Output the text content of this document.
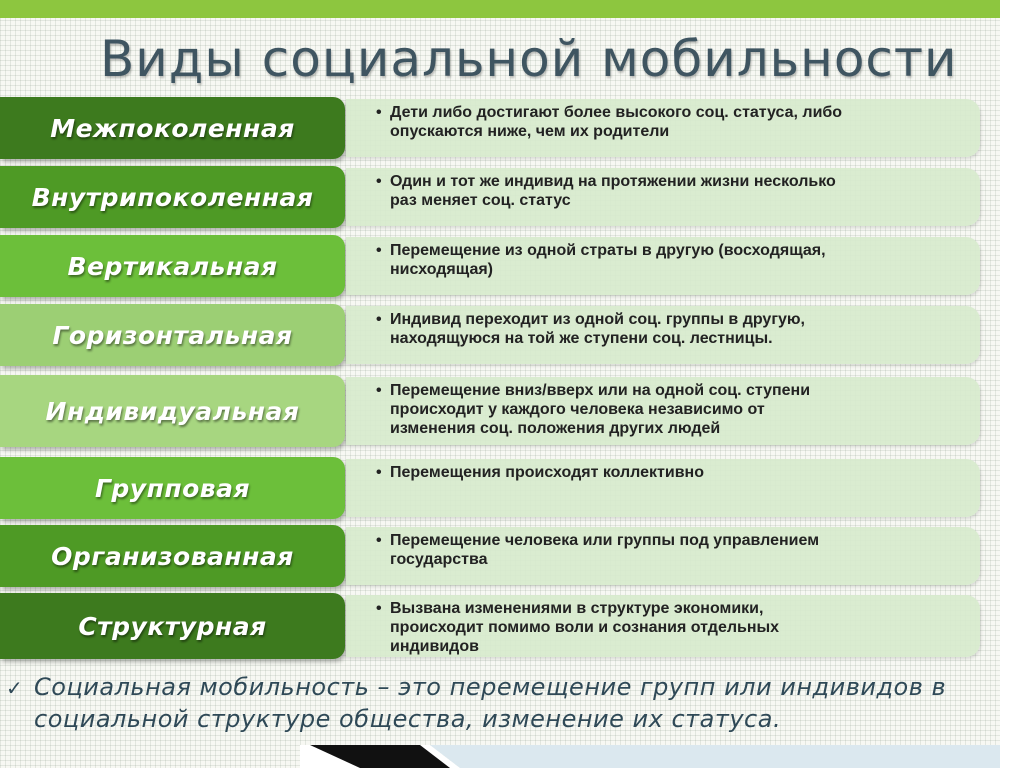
Виды социальной мобильности
Межпоколенная
• Дети либо достигают более высокого соц. статуса, либо
опускаются ниже, чем их родители
Внутрипоколенная
• Один и тот же индивид на протяжении жизни несколько
раз меняет соц. статус
Вертикальная
• Перемещение из одной страты в другую (восходящая,
нисходящая)
Горизонтальная
• Индивид переходит из одной соц. группы в другую,
находящуюся на той же ступени соц. лестницы.
Индивидуальная
• Перемещение вниз/вверх или на одной соц. ступени
происходит у каждого человека независимо от
изменения соц. положения других людей
Групповая
• Перемещения происходят коллективно
Организованная
• Перемещение человека или группы под управлением
государства
Структурная
• Вызвана изменениями в структуре экономики,
происходит помимо воли и сознания отдельных
индивидов
✓ Социальная мобильность – это перемещение групп или индивидов в
социальной структуре общества, изменение их статуса.
